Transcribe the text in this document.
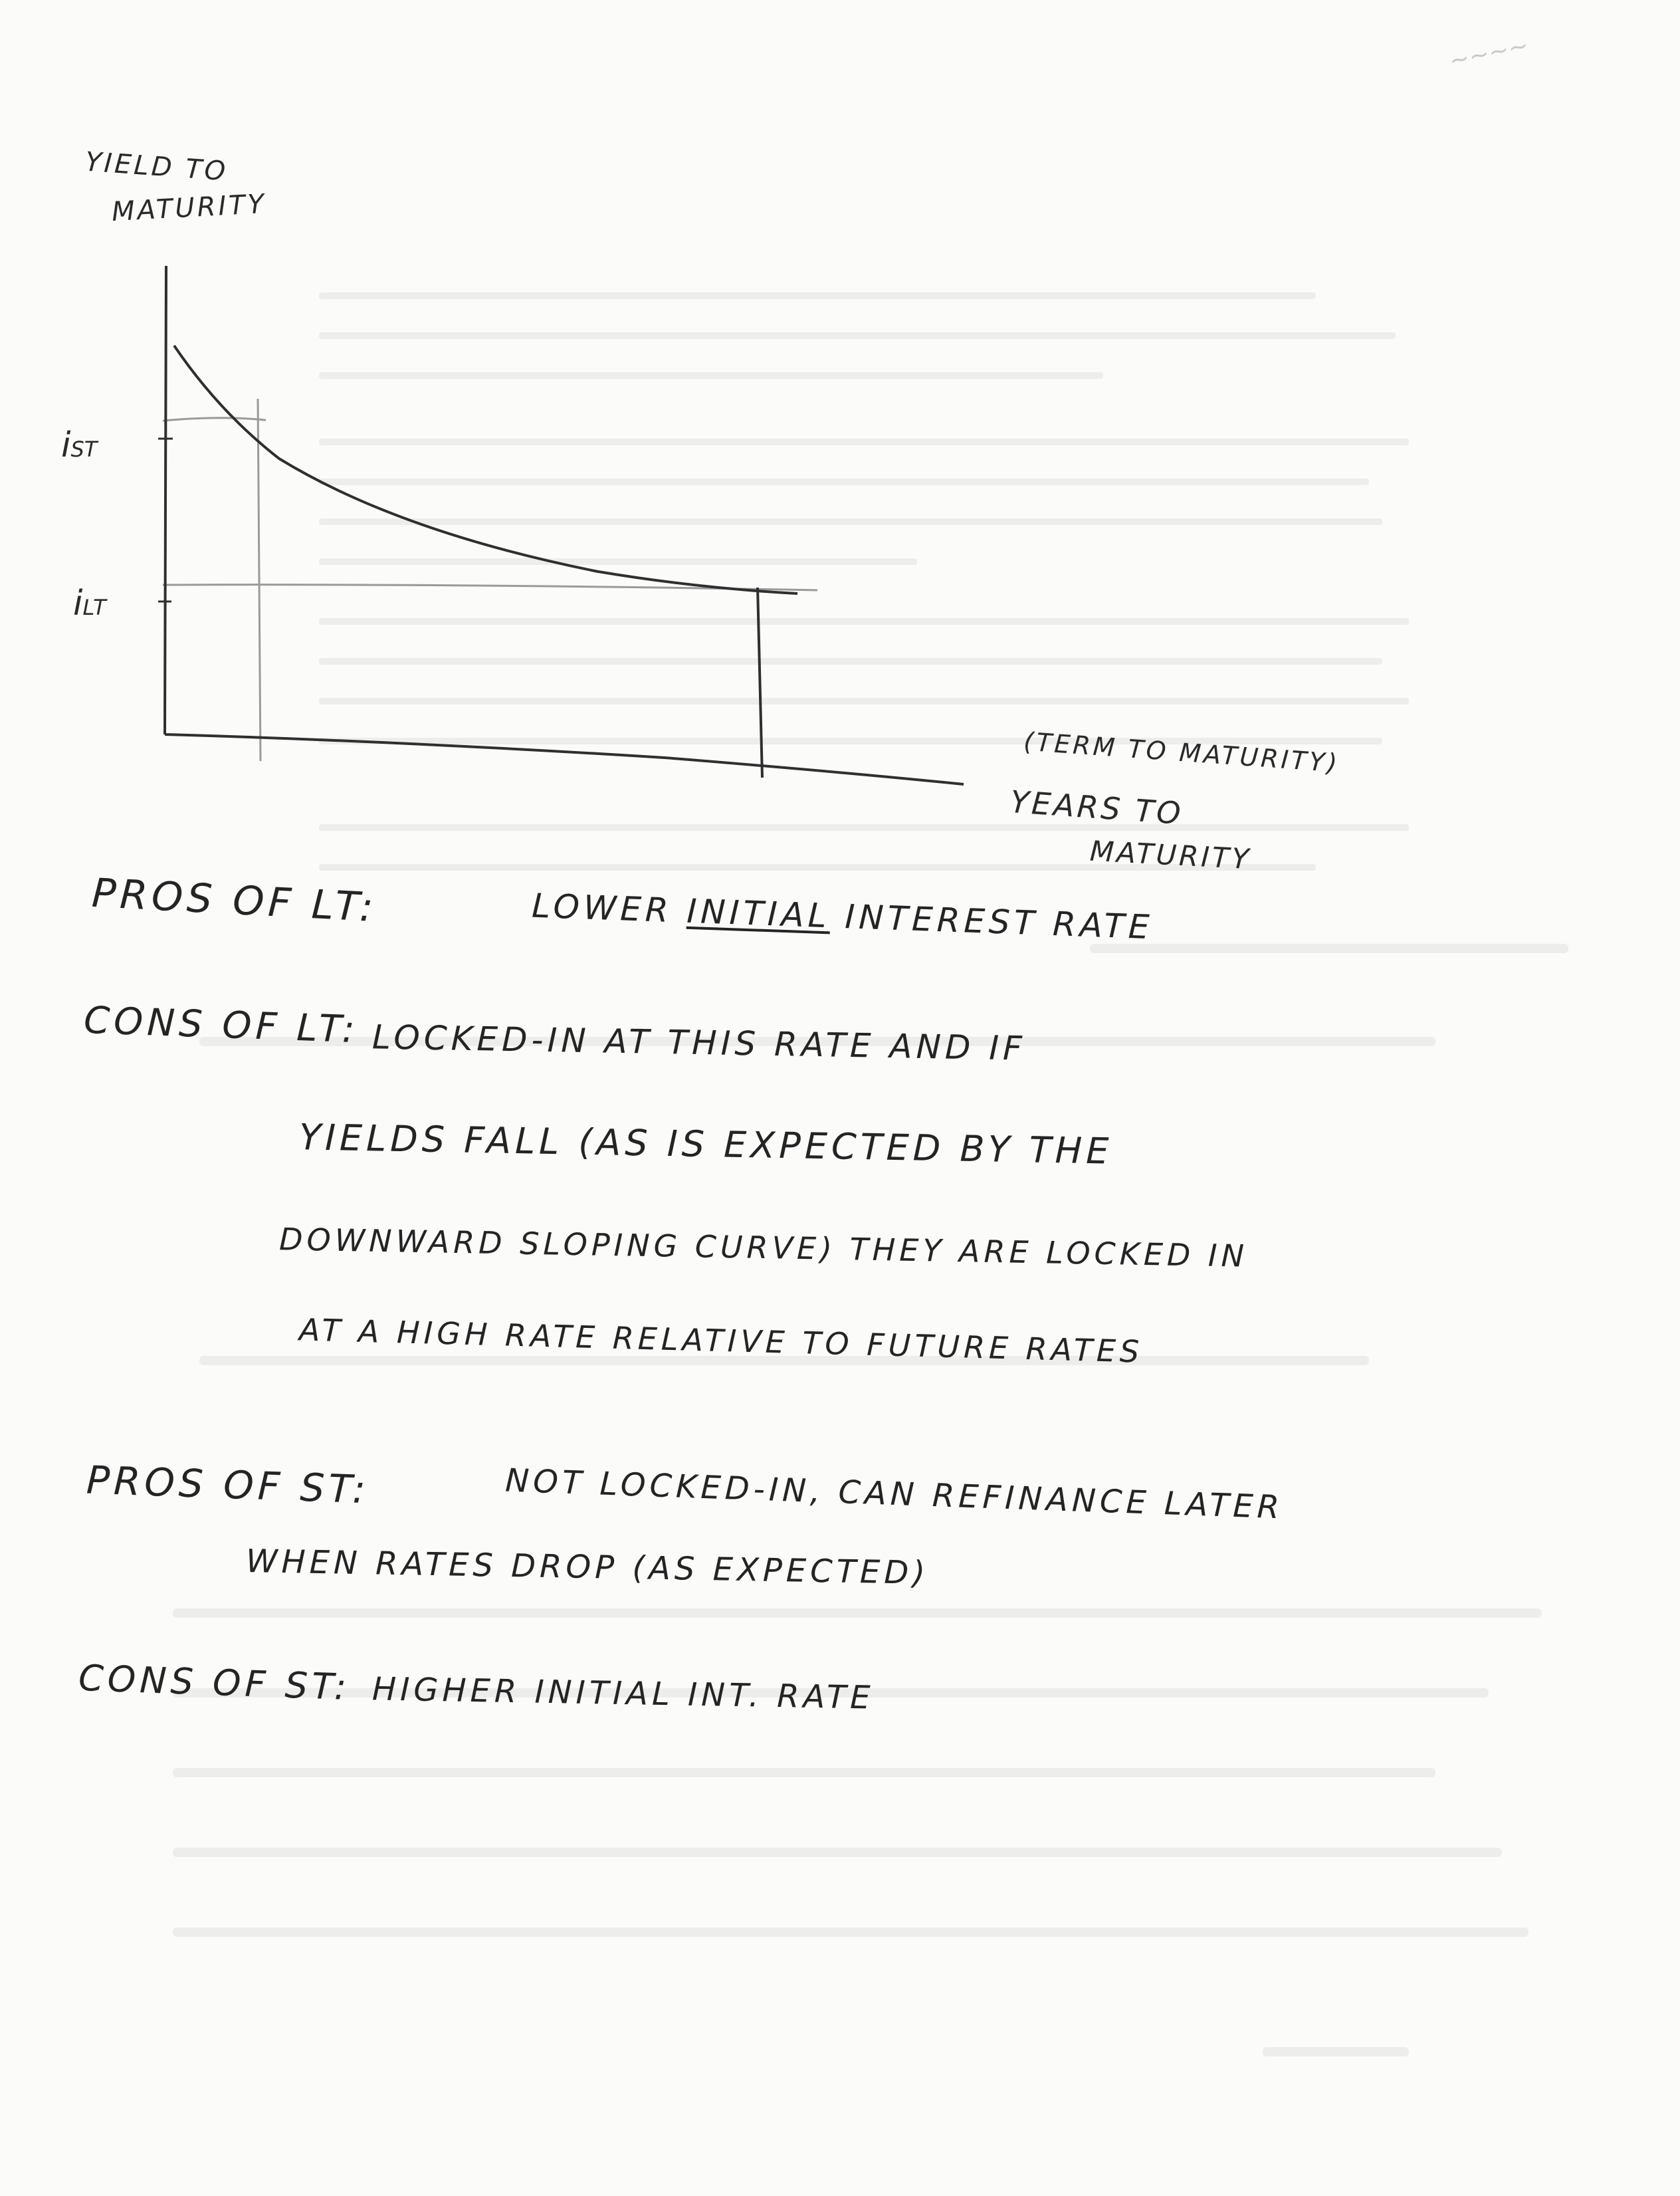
~~~~
YIELD TO
MATURITY
iST
iLT
(TERM TO MATURITY)
YEARS TO
MATURITY
PROS OF LT:	LOWER INITIAL INTEREST RATE
CONS OF LT: LOCKED-IN AT THIS RATE AND IF
YIELDS FALL (AS IS EXPECTED BY THE
DOWNWARD SLOPING CURVE) THEY ARE LOCKED IN
AT A HIGH RATE RELATIVE TO FUTURE RATES
PROS OF ST:	NOT LOCKED-IN, CAN REFINANCE LATER
WHEN RATES DROP (AS EXPECTED)
CONS OF ST: HIGHER INITIAL INT. RATE
